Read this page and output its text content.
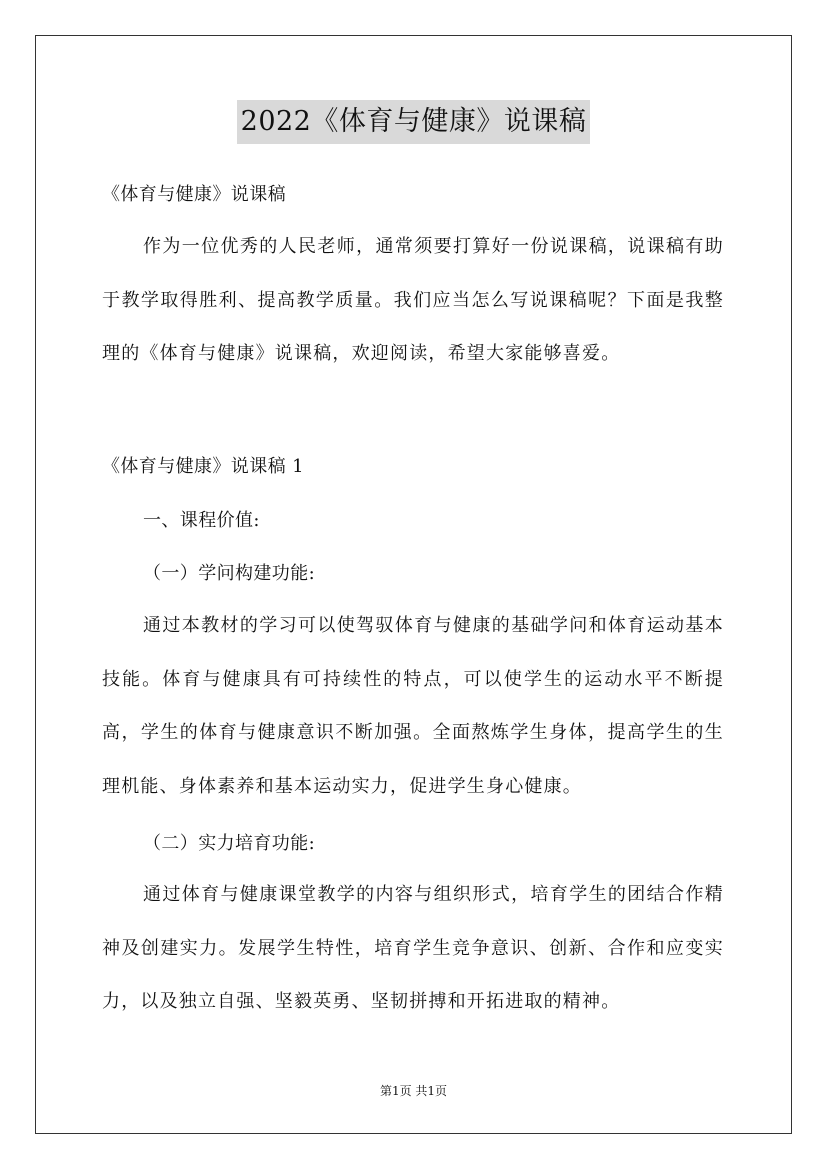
2022《体育与健康》说课稿
《体育与健康》说课稿
作为一位优秀的人民老师，通常须要打算好一份说课稿，说课稿有助于教学取得胜利、提高教学质量。我们应当怎么写说课稿呢？下面是我整理的《体育与健康》说课稿，欢迎阅读，希望大家能够喜爱。
《体育与健康》说课稿 1
一、课程价值:
（一）学问构建功能:
通过本教材的学习可以使驾驭体育与健康的基础学问和体育运动基本技能。体育与健康具有可持续性的特点，可以使学生的运动水平不断提高，学生的体育与健康意识不断加强。全面熬炼学生身体，提高学生的生理机能、身体素养和基本运动实力，促进学生身心健康。
（二）实力培育功能:
通过体育与健康课堂教学的内容与组织形式，培育学生的团结合作精神及创建实力。发展学生特性，培育学生竞争意识、创新、合作和应变实力，以及独立自强、坚毅英勇、坚韧拼搏和开拓进取的精神。
第1页 共1页
